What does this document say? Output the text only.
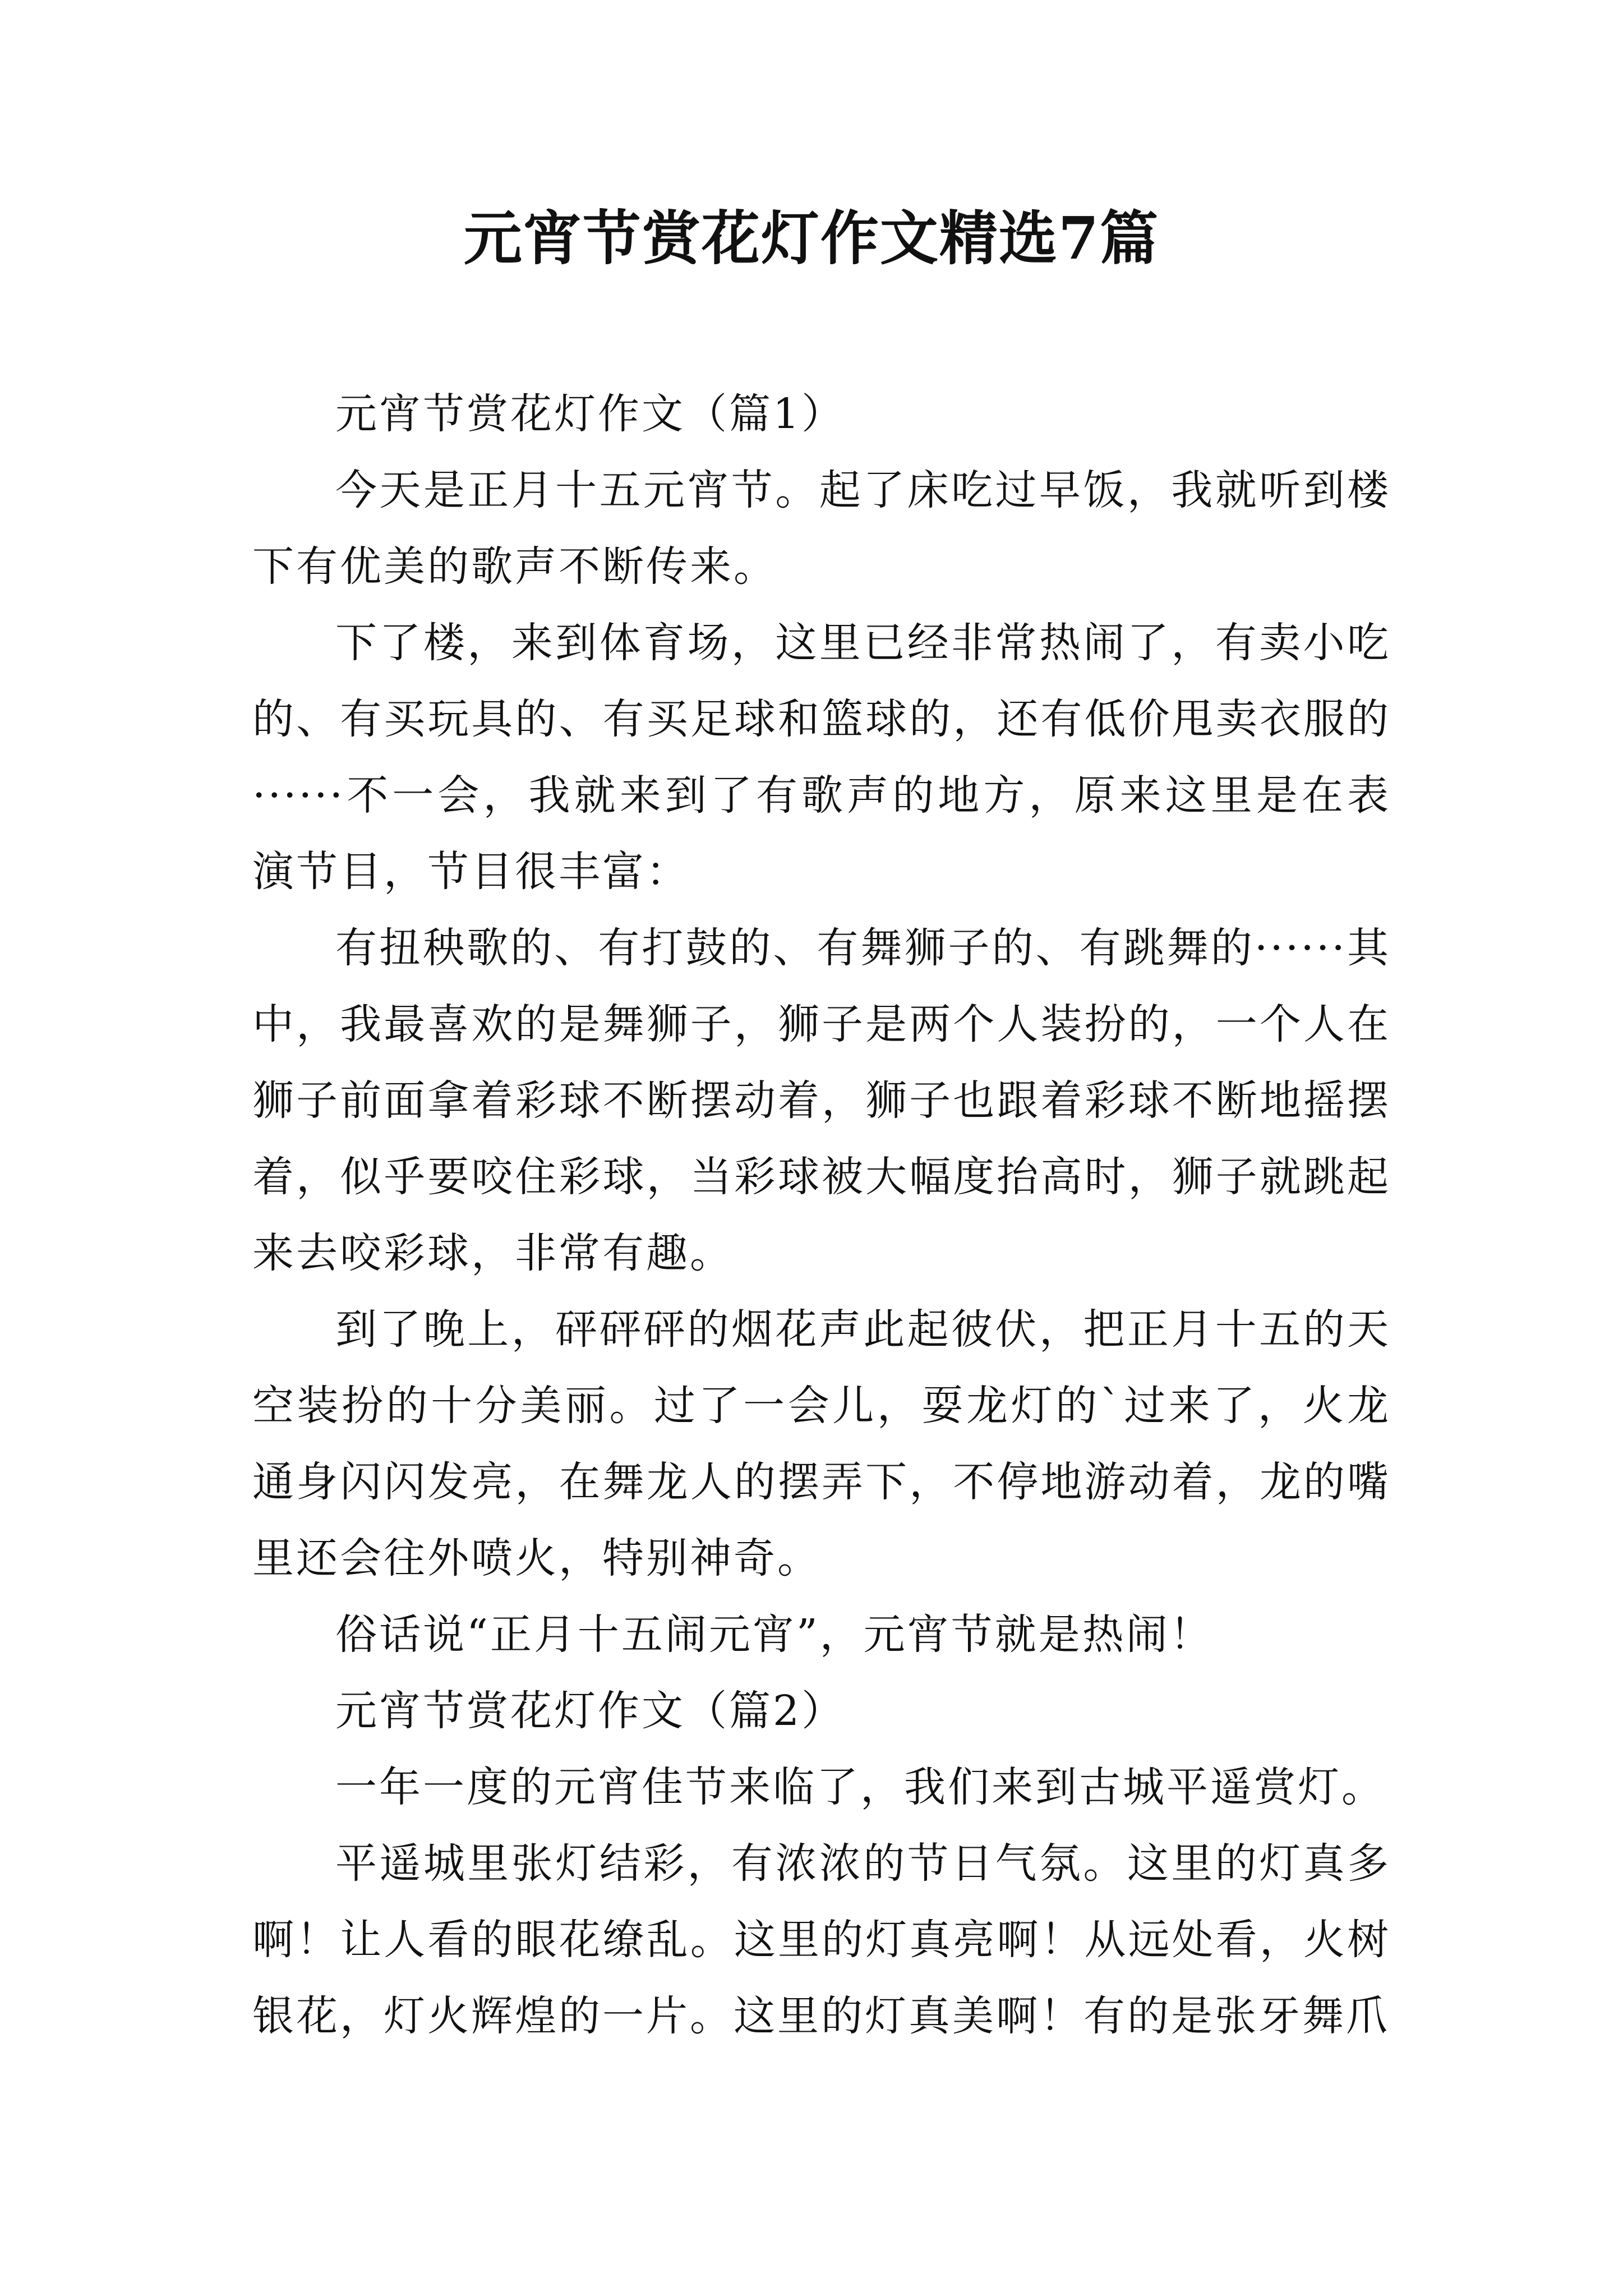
元宵节赏花灯作文精选7篇

元宵节赏花灯作文（篇1）

今天是正月十五元宵节。起了床吃过早饭，我就听到楼下有优美的歌声不断传来。

下了楼，来到体育场，这里已经非常热闹了，有卖小吃的、有买玩具的、有买足球和篮球的，还有低价甩卖衣服的······不一会，我就来到了有歌声的地方，原来这里是在表演节目，节目很丰富：

有扭秧歌的、有打鼓的、有舞狮子的、有跳舞的······其中，我最喜欢的是舞狮子，狮子是两个人装扮的，一个人在狮子前面拿着彩球不断摆动着，狮子也跟着彩球不断地摇摆着，似乎要咬住彩球，当彩球被大幅度抬高时，狮子就跳起来去咬彩球，非常有趣。

到了晚上，砰砰砰的烟花声此起彼伏，把正月十五的天空装扮的十分美丽。过了一会儿，耍龙灯的`过来了，火龙通身闪闪发亮，在舞龙人的摆弄下，不停地游动着，龙的嘴里还会往外喷火，特别神奇。

俗话说“正月十五闹元宵”，元宵节就是热闹！

元宵节赏花灯作文（篇2）

一年一度的元宵佳节来临了，我们来到古城平遥赏灯。

平遥城里张灯结彩，有浓浓的节日气氛。这里的灯真多啊！让人看的眼花缭乱。这里的灯真亮啊！从远处看，火树银花，灯火辉煌的一片。这里的灯真美啊！有的是张牙舞爪
